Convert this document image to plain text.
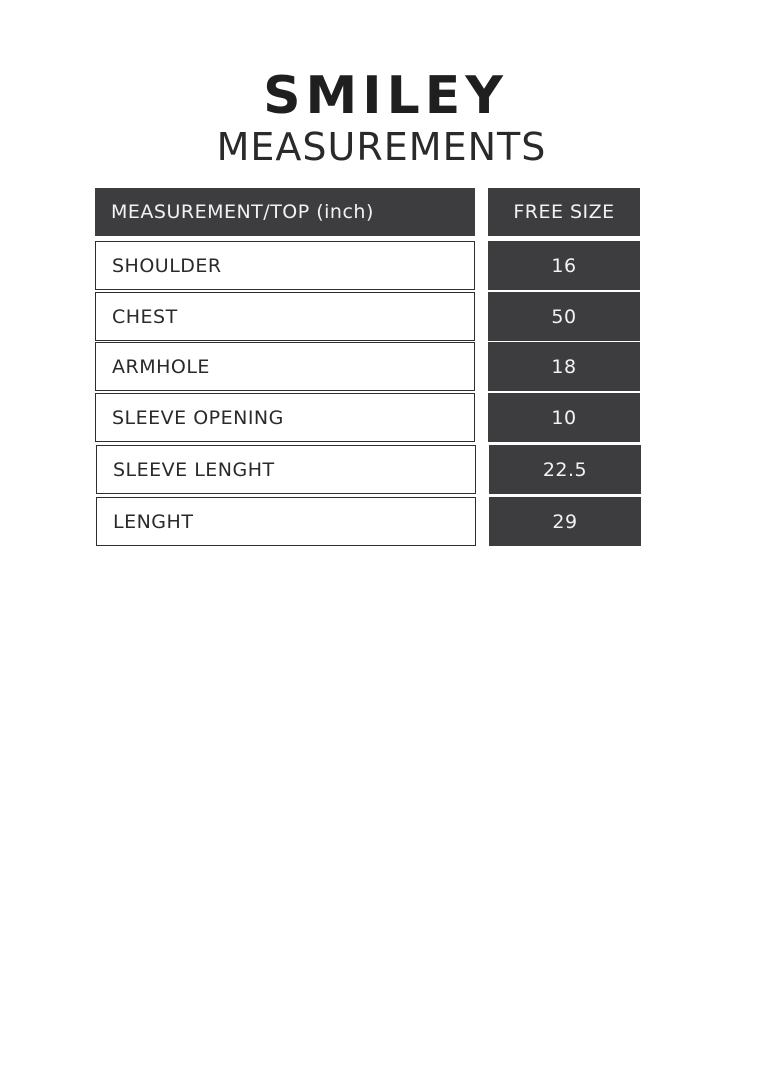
SMILEY
MEASUREMENTS
MEASUREMENT/TOP (inch)	FREE SIZE
SHOULDER	16
CHEST	50
ARMHOLE	18
SLEEVE OPENING	10
SLEEVE LENGHT	22.5
LENGHT	29
